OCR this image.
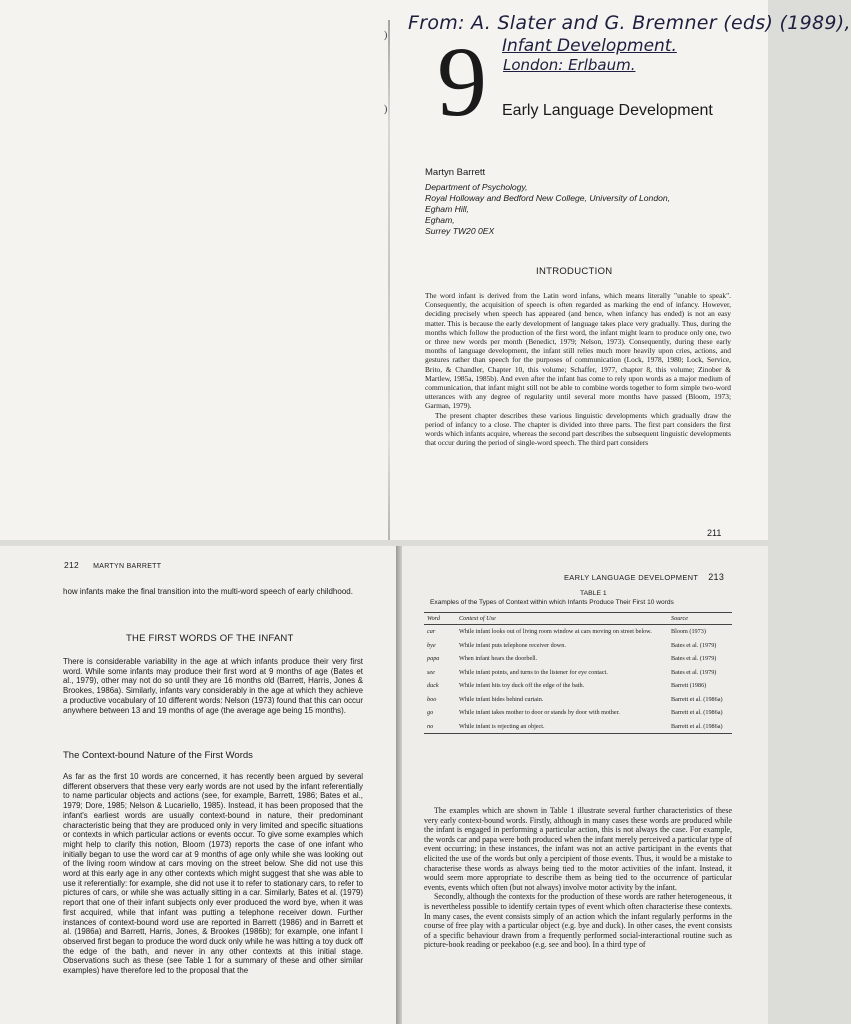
)
)
From: A. Slater and G. Bremner (eds) (1989),
Infant Development.
London: Erlbaum.
9 Early Language Development
Martyn Barrett
Department of Psychology,
Royal Holloway and Bedford New College, University of London,
Egham Hill,
Egham,
Surrey TW20 0EX
INTRODUCTION

The word infant is derived from the Latin word infans, which means literally "unable to speak". Consequently, the acquisition of speech is often regarded as marking the end of infancy. However, deciding precisely when speech has appeared (and hence, when infancy has ended) is not an easy matter. This is because the early development of language takes place very gradually. Thus, during the months which follow the production of the first word, the infant might learn to produce only one, two or three new words per month (Benedict, 1979; Nelson, 1973). Consequently, during these early months of language development, the infant still relies much more heavily upon cries, actions, and gestures rather than speech for the purposes of communication (Lock, 1978, 1980; Lock, Service, Brito, & Chandler, Chapter 10, this volume; Schaffer, 1977, chapter 8, this volume; Zinober & Martlew, 1985a, 1985b). And even after the infant has come to rely upon words as a major medium of communication, that infant might still not be able to combine words together to form simple two-word utterances with any degree of regularity until several more months have passed (Bloom, 1973; Garman, 1979).

The present chapter describes these various linguistic developments which gradually draw the period of infancy to a close. The chapter is divided into three parts. The first part considers the first words which infants acquire, whereas the second part describes the subsequent linguistic developments that occur during the period of single-word speech. The third part considers

211
212 MARTYN BARRETT
how infants make the final transition into the multi-word speech of early childhood.
THE FIRST WORDS OF THE INFANT
There is considerable variability in the age at which infants produce their very first word. While some infants may produce their first word at 9 months of age (Bates et al., 1979), other may not do so until they are 16 months old (Barrett, Harris, Jones & Brookes, 1986a). Similarly, infants vary considerably in the age at which they achieve a productive vocabulary of 10 different words: Nelson (1973) found that this can occur anywhere between 13 and 19 months of age (the average age being 15 months).
The Context-bound Nature of the First Words
As far as the first 10 words are concerned, it has recently been argued by several different observers that these very early words are not used by the infant referentially to name particular objects and actions (see, for example, Barrett, 1986; Bates et al., 1979; Dore, 1985; Nelson & Lucariello, 1985). Instead, it has been proposed that the infant's earliest words are usually context-bound in nature, their predominant characteristic being that they are produced only in very limited and specific situations or contexts in which particular actions or events occur. To give some examples which might help to clarify this notion, Bloom (1973) reports the case of one infant who initially began to use the word car at 9 months of age only while she was looking out of the living room window at cars moving on the street below. She did not use this word at this early age in any other contexts which might suggest that she was able to use it referentially: for example, she did not use it to refer to stationary cars, to refer to pictures of cars, or while she was actually sitting in a car. Similarly, Bates et al. (1979) report that one of their infant subjects only ever produced the word bye, when it was first acquired, while that infant was putting a telephone receiver down. Further instances of context-bound word use are reported in Barrett (1986) and in Barrett et al. (1986a) and Barrett, Harris, Jones, & Brookes (1986b); for example, one infant I observed first began to produce the word duck only while he was hitting a toy duck off the edge of the bath, and never in any other contexts at this initial stage. Observations such as these (see Table 1 for a summary of these and other similar examples) have therefore led to the proposal that the
EARLY LANGUAGE DEVELOPMENT 213
TABLE 1
Examples of the Types of Context within which Infants Produce Their First 10 words
Word	Context of Use	Source
car	While infant looks out of living room window at cars moving on street below.	Bloom (1973)
bye	While infant puts telephone receiver down.	Bates et al. (1979)
papa	When infant hears the doorbell.	Bates et al. (1979)
see	While infant points, and turns to the listener for eye contact.	Bates et al. (1979)
duck	While infant hits toy duck off the edge of the bath.	Barrett (1986)
boo	While infant hides behind curtain.	Barrett et al. (1986a)
go	While infant takes mother to door or stands by door with mother.	Barrett et al. (1986a)
no	While infant is rejecting an object.	Barrett et al. (1986a)

The examples which are shown in Table 1 illustrate several further characteristics of these very early context-bound words. Firstly, although in many cases these words are produced while the infant is engaged in performing a particular action, this is not always the case. For example, the words car and papa were both produced when the infant merely perceived a particular type of event occurring; in these instances, the infant was not an active participant in the events that elicited the use of the words but only a percipient of those events. Thus, it would be a mistake to characterise these words as always being tied to the motor activities of the infant. Instead, it would seem more appropriate to describe them as being tied to the occurrence of particular events, events which often (but not always) involve motor activity by the infant.

Secondly, although the contexts for the production of these words are rather heterogeneous, it is nevertheless possible to identify certain types of event which often characterise these contexts. In many cases, the event consists simply of an action which the infant regularly performs in the course of free play with a particular object (e.g. bye and duck). In other cases, the event consists of a specific behaviour drawn from a frequently performed social-interactional routine such as picture-book reading or peekaboo (e.g. see and boo). In a third type of
